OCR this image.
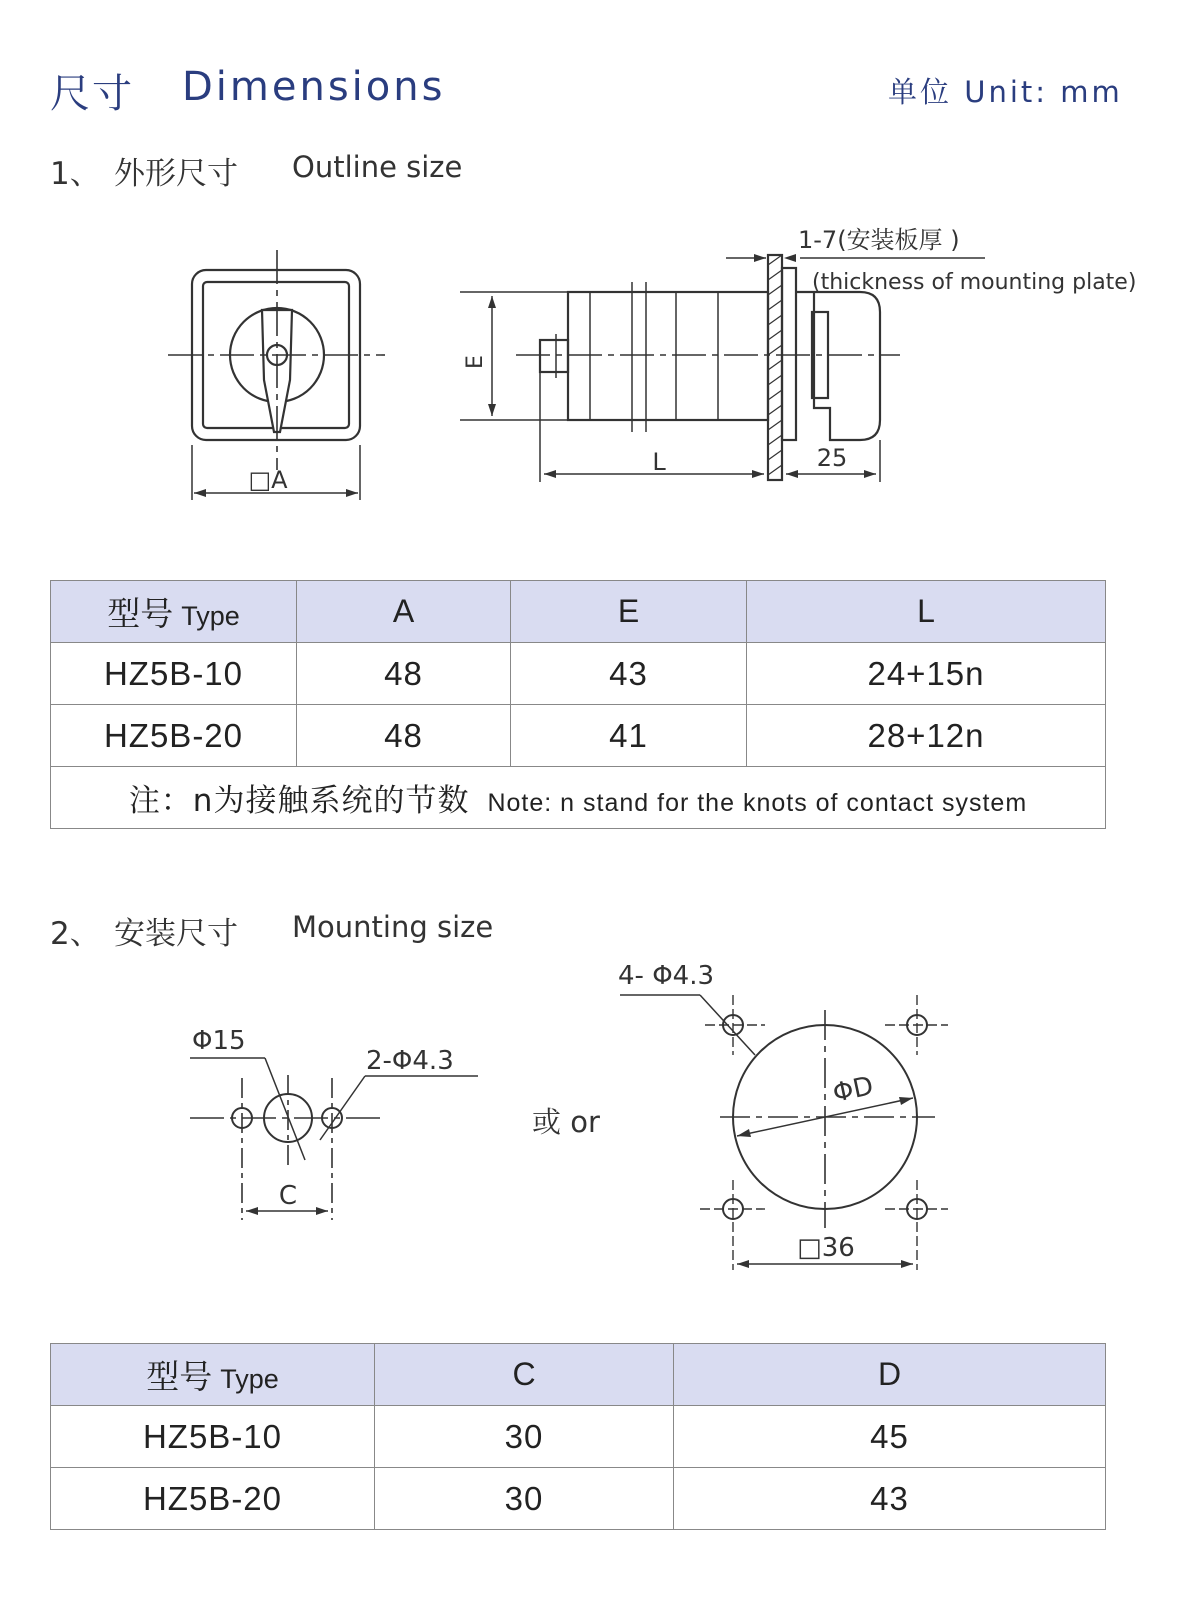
尺寸 Dimensions	单位 Unit: mm
1、 外形尺寸 Outline size
1-7(安装板厚 )
(thickness of mounting plate)
E
L	25
□A
型号 Type	A	E	L
HZ5B-10	48	43	24+15n
HZ5B-20	48	41	28+12n
注：n为接触系统的节数 Note: n stand for the knots of contact system			
2、 安装尺寸 Mounting size
或 or
Φ15
2-Φ4.3
C
4- Φ4.3
ΦD
□36
型号 Type	C	D
HZ5B-10	30	45
HZ5B-20	30	43
